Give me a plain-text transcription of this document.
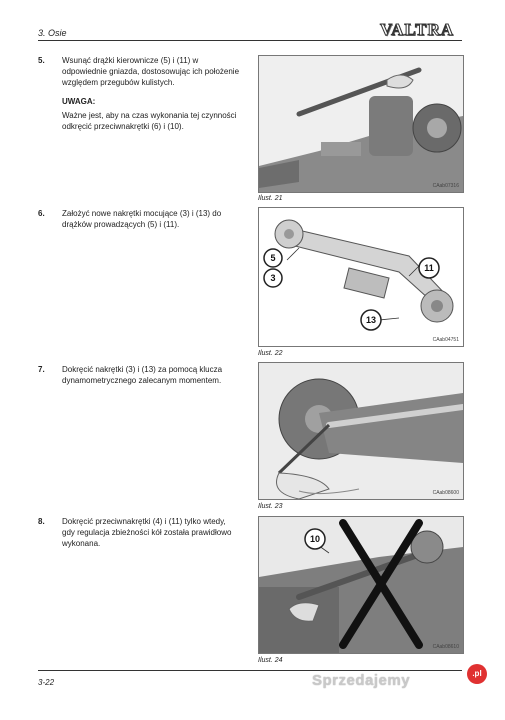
3. Osie	VALTRA
5. Wsunąć drążki kierownicze (5) i (11) w odpowiednie gniazda, dostosowując ich położenie względem przegubów kulistych.
UWAGA:
Ważne jest, aby na czas wykonania tej czynności odkręcić przeciwnakrętki (6) i (10).
CAab07316
Ilust. 21
6. Założyć nowe nakrętki mocujące (3) i (13) do drążków prowadzących (5) i (11).
5
3
11
13
CAab04751
Ilust. 22
7. Dokręcić nakrętki (3) i (13) za pomocą klucza dynamometrycznego zalecanym momentem.
CAab08600
Ilust. 23
8. Dokręcić przeciwnakrętki (4) i (11) tylko wtedy, gdy regulacja zbieżności kół została prawidłowo wykonana.	10
CAab08610
Ilust. 24
3-22	Sprzedajemy	.pl
